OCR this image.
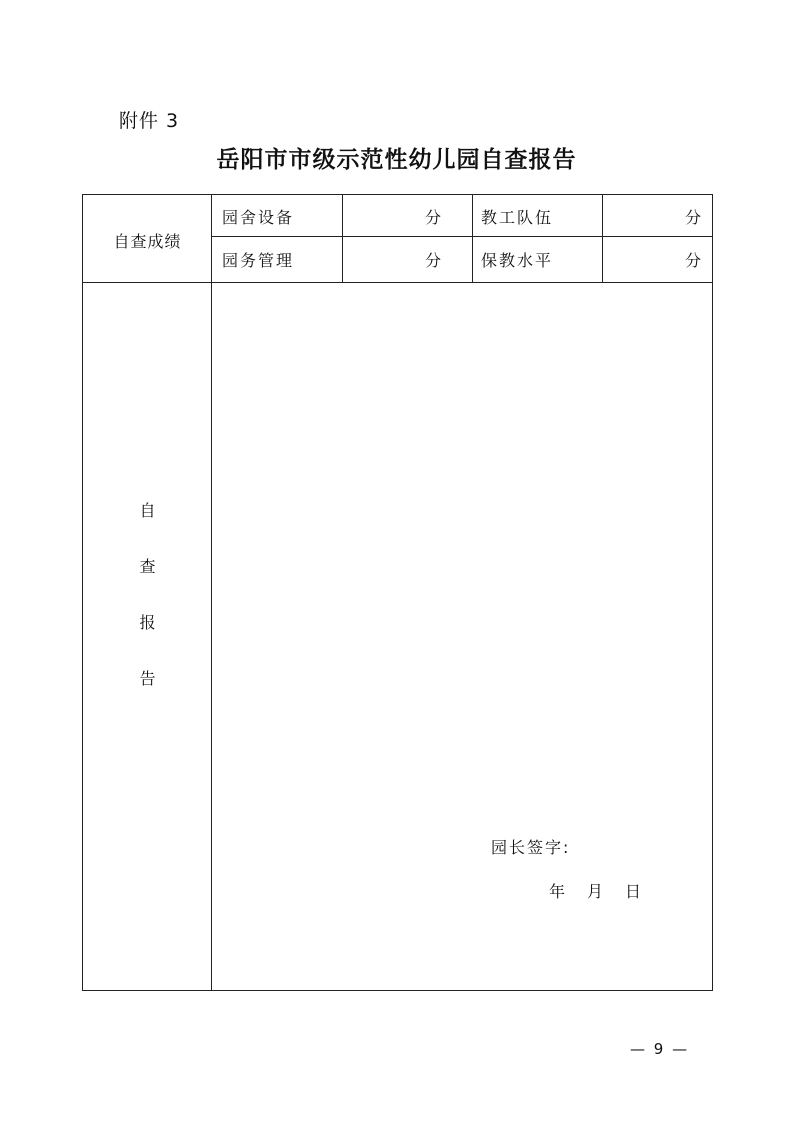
附件 3
岳阳市市级示范性幼儿园自查报告
自查成绩
园舍设备	分 教工队伍	分
园务管理	分 保教水平	分
自
查
报
告
园长签字:
年 月 日
— 9 —
